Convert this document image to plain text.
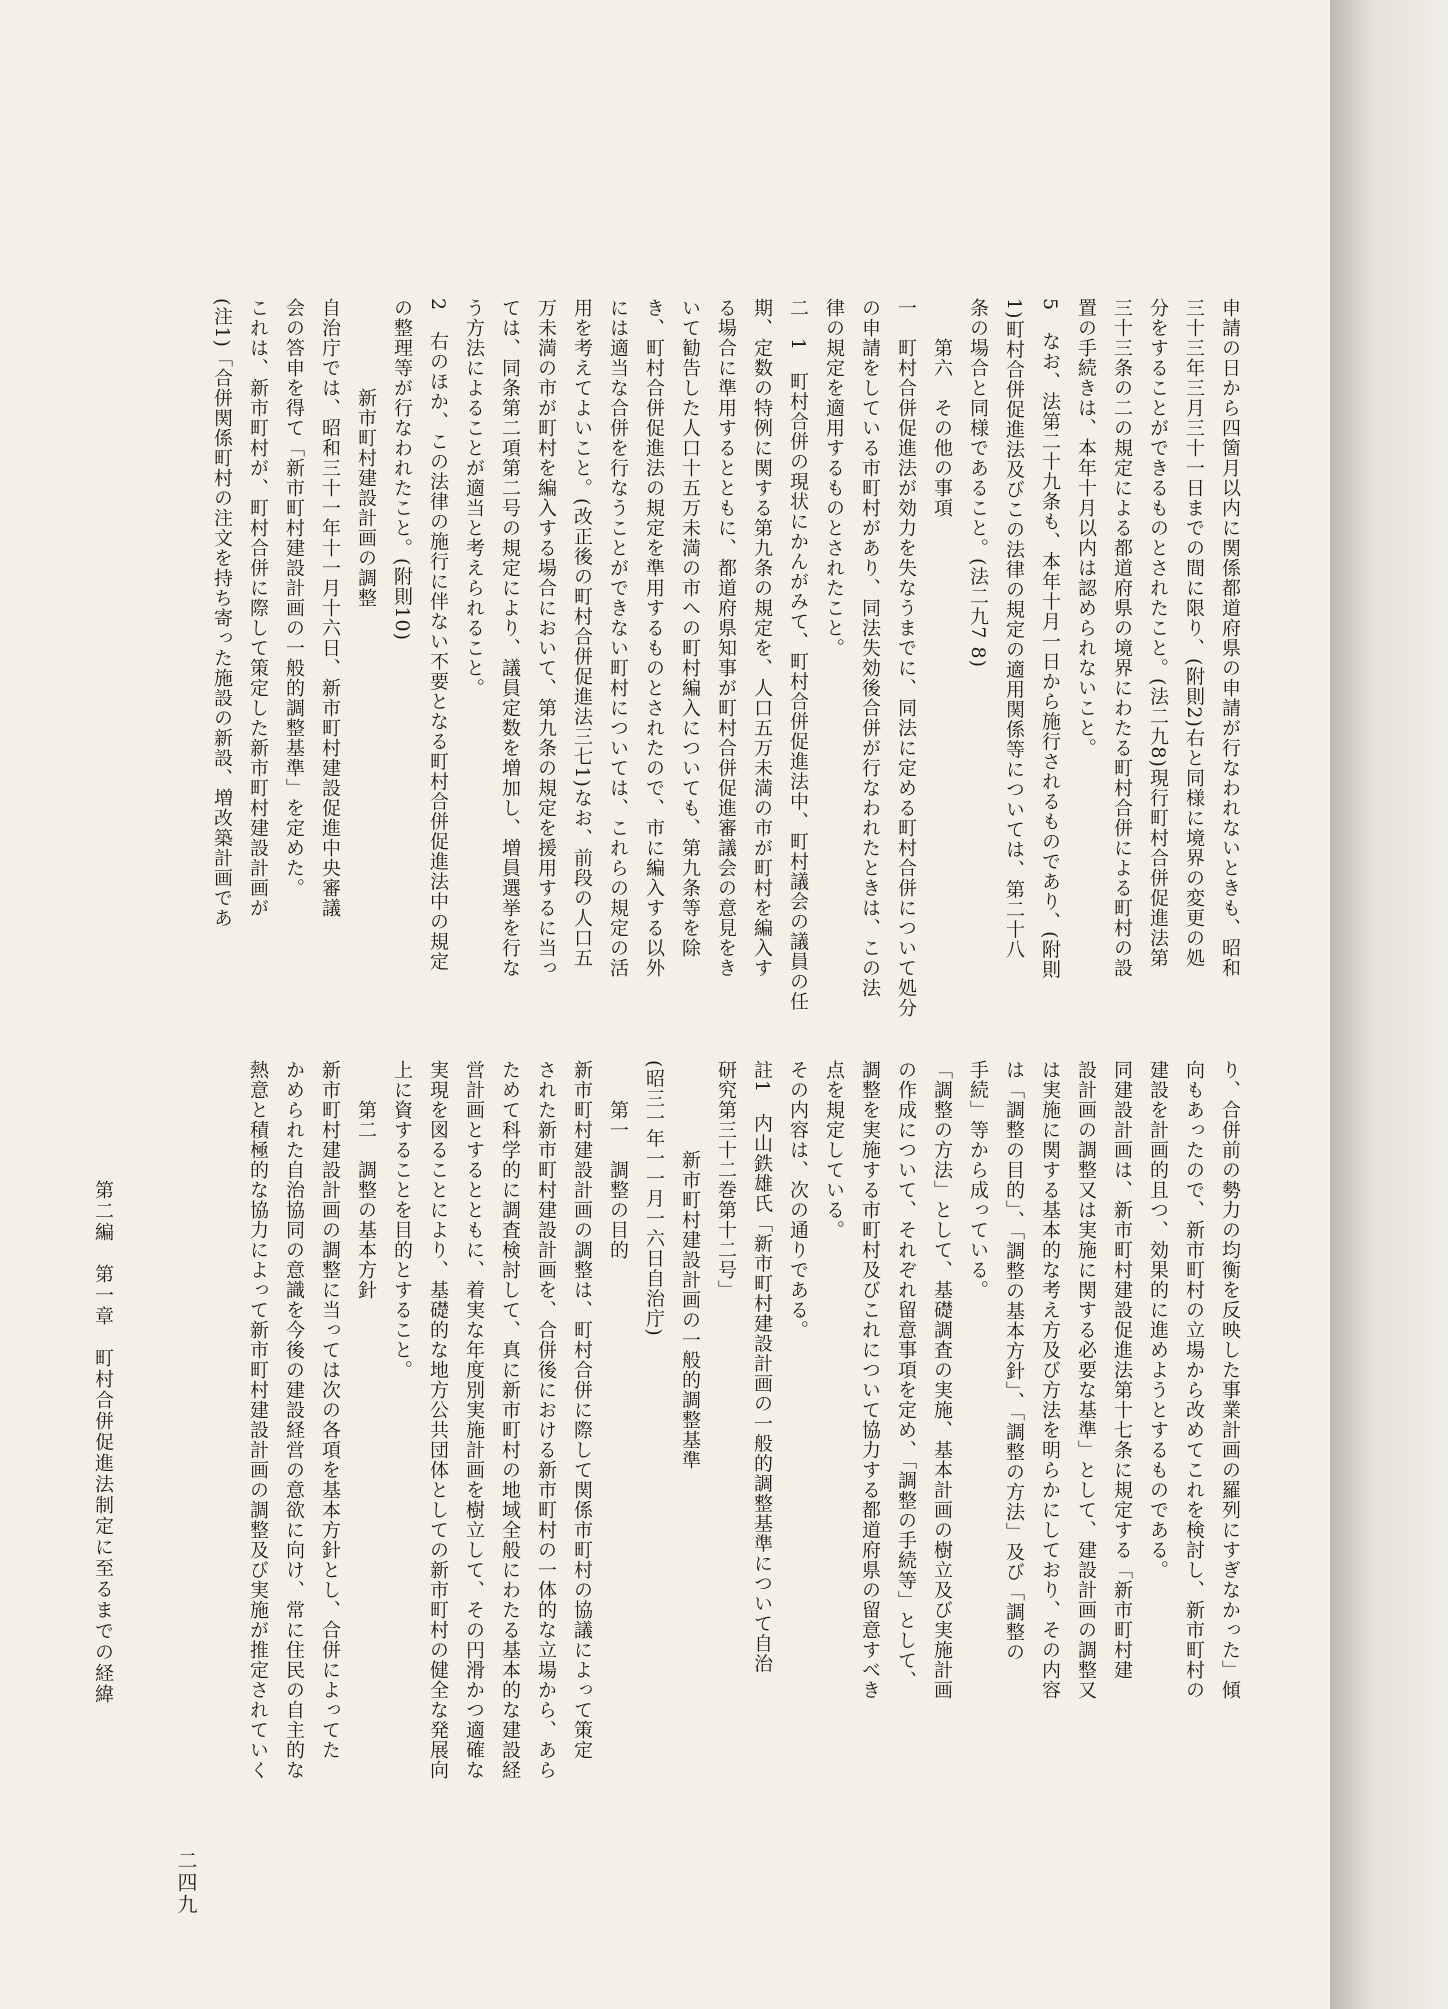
申請の日から四箇月以内に関係都道府県の申請が行なわれないときも、昭和
三十三年三月三十一日までの間に限り、(附則2)右と同様に境界の変更の処
分をすることができるものとされたこと。(法二九8)現行町村合併促進法第
三十三条の二の規定による都道府県の境界にわたる町村合併による町村の設
置の手続きは、本年十月以内は認められないこと。
5　なお、法第二十九条も、本年十月一日から施行されるものであり、(附則
1)町村合併促進法及びこの法律の規定の適用関係等については、第二十八
条の場合と同様であること。(法二九7 8)
第六　その他の事項
一　町村合併促進法が効力を失なうまでに、同法に定める町村合併について処分
の申請をしている市町村があり、同法失効後合併が行なわれたときは、この法
律の規定を適用するものとされたこと。
二　1　町村合併の現状にかんがみて、町村合併促進法中、町村議会の議員の任
期、定数の特例に関する第九条の規定を、人口五万未満の市が町村を編入す
る場合に準用するとともに、都道府県知事が町村合併促進審議会の意見をき
いて勧告した人口十五万未満の市への町村編入についても、第九条等を除
き、町村合併促進法の規定を準用するものとされたので、市に編入する以外
には適当な合併を行なうことができない町村については、これらの規定の活
用を考えてよいこと。(改正後の町村合併促進法三七1)なお、前段の人口五
万未満の市が町村を編入する場合において、第九条の規定を援用するに当っ
ては、同条第二項第二号の規定により、議員定数を増加し、増員選挙を行な
う方法によることが適当と考えられること。
2　右のほか、この法律の施行に伴ない不要となる町村合併促進法中の規定
の整理等が行なわれたこと。(附則10)
新市町村建設計画の調整
自治庁では、昭和三十一年十一月十六日、新市町村建設促進中央審議
会の答申を得て「新市町村建設計画の一般的調整基準」を定めた。
これは、新市町村が、町村合併に際して策定した新市町村建設計画が
(注1)「合併関係町村の注文を持ち寄った施設の新設、増改築計画であ
り、合併前の勢力の均衡を反映した事業計画の羅列にすぎなかった」傾
向もあったので、新市町村の立場から改めてこれを検討し、新市町村の
建設を計画的且つ、効果的に進めようとするものである。
同建設計画は、新市町村建設促進法第十七条に規定する「新市町村建
設計画の調整又は実施に関する必要な基準」として、建設計画の調整又
は実施に関する基本的な考え方及び方法を明らかにしており、その内容
は「調整の目的」、「調整の基本方針」、「調整の方法」及び「調整の
手続」等から成っている。
「調整の方法」として、基礎調査の実施、基本計画の樹立及び実施計画
の作成について、それぞれ留意事項を定め、「調整の手続等」として、
調整を実施する市町村及びこれについて協力する都道府県の留意すべき
点を規定している。
その内容は、次の通りである。
註1　内山鉄雄氏「新市町村建設計画の一般的調整基準について自治
研究第三十二巻第十二号」
新市町村建設計画の一般的調整基準
(昭三一年一一月一六日自治庁)
第一　調整の目的
新市町村建設計画の調整は、町村合併に際して関係市町村の協議によって策定
された新市町村建設計画を、合併後における新市町村の一体的な立場から、あら
ためて科学的に調査検討して、真に新市町村の地域全般にわたる基本的な建設経
営計画とするとともに、着実な年度別実施計画を樹立して、その円滑かつ適確な
実現を図ることにより、基礎的な地方公共団体としての新市町村の健全な発展向
上に資することを目的とすること。
第二　調整の基本方針
新市町村建設計画の調整に当っては次の各項を基本方針とし、合併によってた
かめられた自治協同の意識を今後の建設経営の意欲に向け、常に住民の自主的な
熱意と積極的な協力によって新市町村建設計画の調整及び実施が推定されていく
第二編　第一章　町村合併促進法制定に至るまでの経緯
二四九
